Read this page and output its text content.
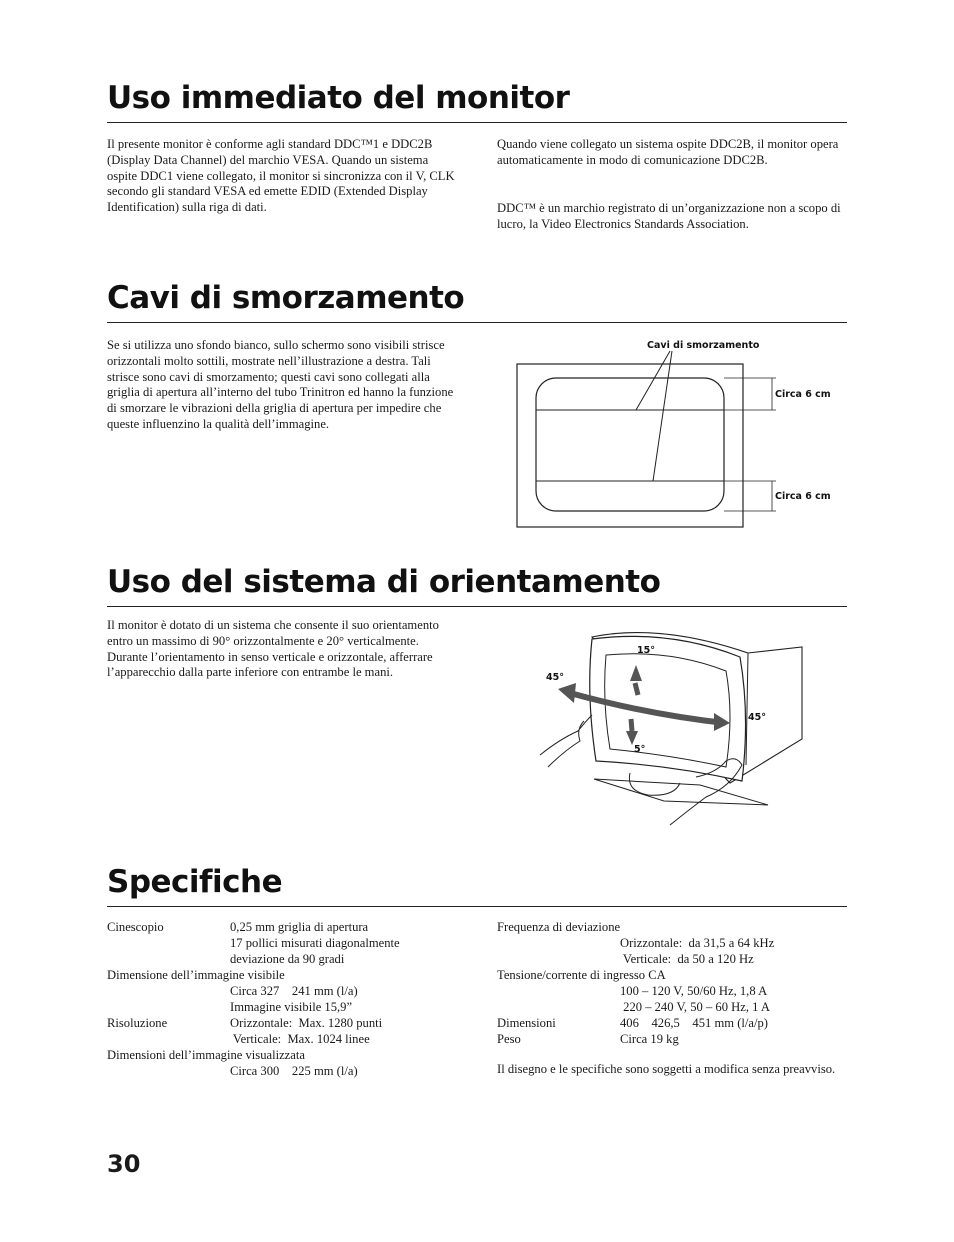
Uso immediato del monitor

Il presente monitor è conforme agli standard DDC™1 e DDC2B (Display Data Channel) del marchio VESA. Quando un sistema ospite DDC1 viene collegato, il monitor si sincronizza con il V, CLK secondo gli standard VESA ed emette EDID (Extended Display Identification) sulla riga di dati.

Quando viene collegato un sistema ospite DDC2B, il monitor opera automaticamente in modo di comunicazione DDC2B.

DDC™ è un marchio registrato di un’organizzazione non a scopo di lucro, la Video Electronics Standards Association.

Cavi di smorzamento

Se si utilizza uno sfondo bianco, sullo schermo sono visibili strisce orizzontali molto sottili, mostrate nell’illustrazione a destra. Tali strisce sono cavi di smorzamento; questi cavi sono collegati alla griglia di apertura all’interno del tubo Trinitron ed hanno la funzione di smorzare le vibrazioni della griglia di apertura per impedire che queste influenzino la qualità dell’immagine.

Cavi di smorzamento
Circa 6 cm
Circa 6 cm
Uso del sistema di orientamento

Il monitor è dotato di un sistema che consente il suo orientamento entro un massimo di 90° orizzontalmente e 20° verticalmente. Durante l’orientamento in senso verticale e orizzontale, afferrare l’apparecchio dalla parte inferiore con entrambe le mani.

15°
5°
45°
45°
Specifiche
Cinescopio	0,25 mm griglia di apertura
17 pollici misurati diagonalmente
deviazione da 90 gradi
Dimensione dell’immagine visibile
Circa 327    241 mm (l/a)
Immagine visibile 15,9”
Risoluzione	Orizzontale:  Max. 1280 punti
Verticale:  Max. 1024 linee
Dimensioni dell’immagine visualizzata
Circa 300    225 mm (l/a)
Frequenza di deviazione
Orizzontale:  da 31,5 a 64 kHz
Verticale:  da 50 a 120 Hz
Tensione/corrente di ingresso CA
100 – 120 V, 50/60 Hz, 1,8 A
220 – 240 V, 50 – 60 Hz, 1 A
Dimensioni	406    426,5    451 mm (l/a/p)
Peso	Circa 19 kg

Il disegno e le specifiche sono soggetti a modifica senza preavviso.

30
